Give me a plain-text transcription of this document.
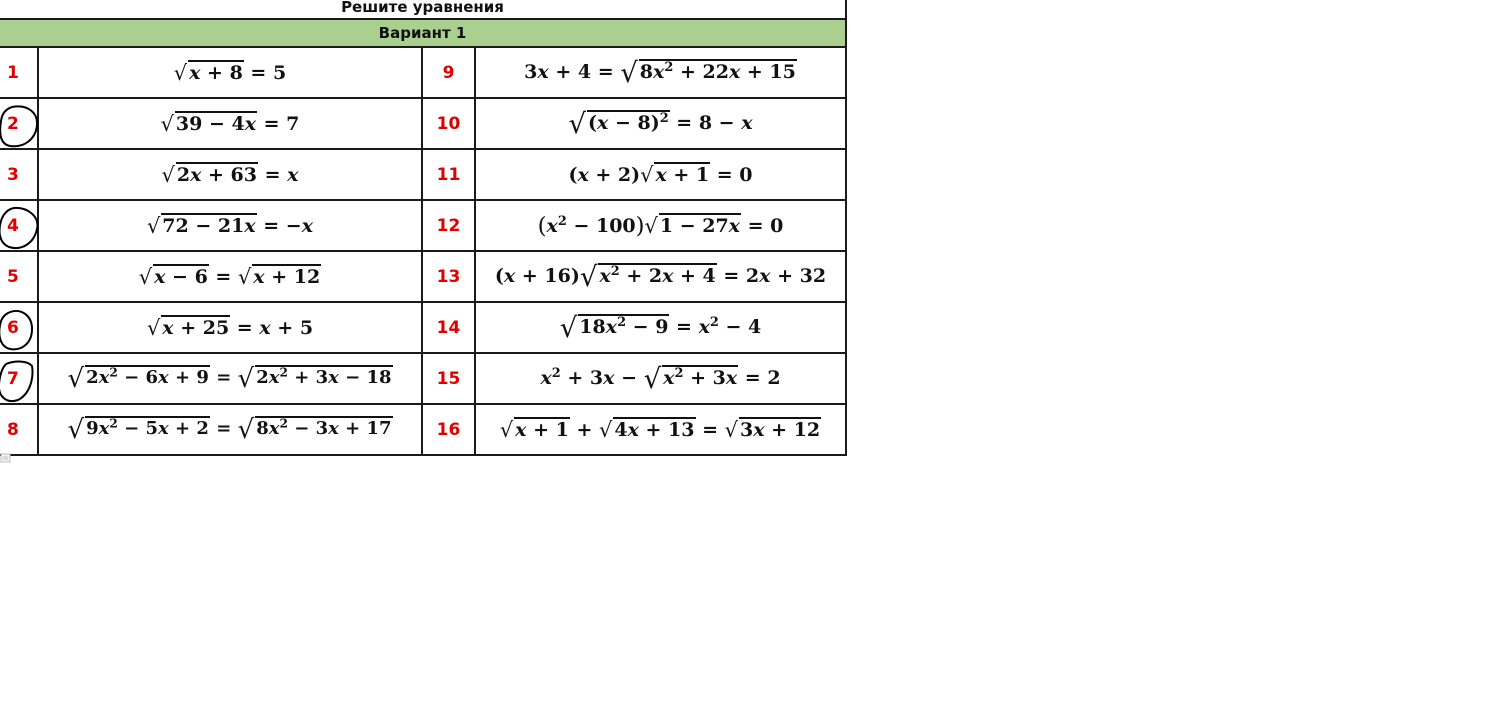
Решите уравнения			
Вариант 1			
1	√ x + 8 = 5	9	3x + 4 = √ $8x^2 + 22x + 15$
2	√ 39 − 4x = 7	10	√ $(x - 8)^2 = 8 - x$
3	√ 2x + 63 = x	11	(x + 2)√ x + 1 = 0
4	√ 72 − 21x = −x	12	$(x^2 - 100)√$ 1 − 27x = 0
5	√ x − 6 = √ x + 12	13	(x + 16)√ $x^2 + 2x + 4 = 2x + 32$
6	√ x + 25 = x + 5	14	√ $18x^2 - 9 = x^2 - 4$
7	√ $2x^2 - 6x + 9$ = √ $2x^2 + 3x - 18$	15	$x^2 + 3x$ − √ $x^2 + 3x = 2$
8	√ $9x^2 - 5x + 2$ = √ $8x^2 - 3x + 17$	16	√ x + 1 + √ 4x + 13 = √ 3x + 12
